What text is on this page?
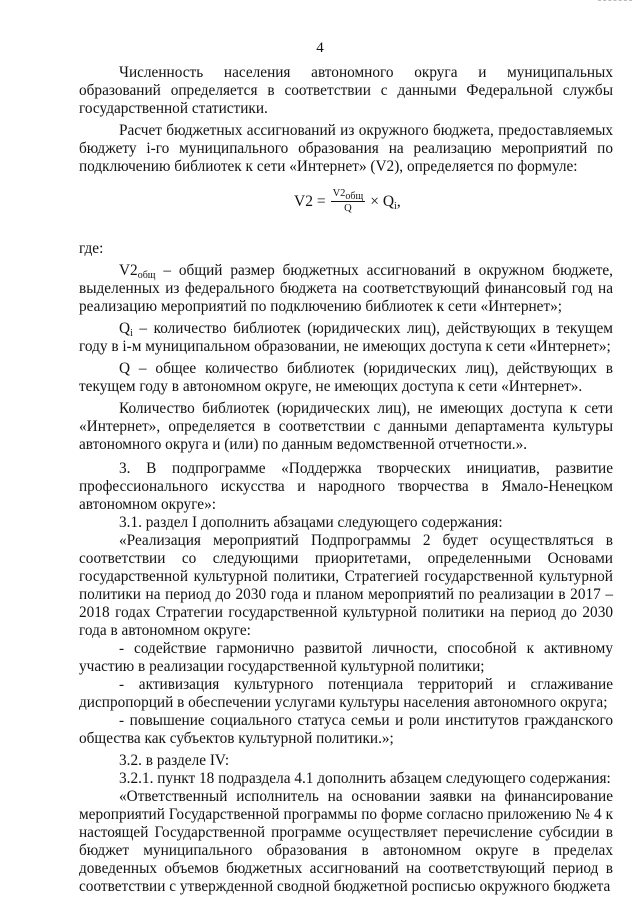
4

Численность населения автономного округа и муниципальных образований определяется в соответствии с данными Федеральной службы государственной статистики.

Расчет бюджетных ассигнований из окружного бюджета, предоставляемых бюджету i-го муниципального образования на реализацию мероприятий по подключению библиотек к сети «Интернет» (V2), определяется по формуле:

$V2 = \frac{V2_{общ}}{Q}$ ×
$Q_i$ ,

где:

$V2_{общ}$ – общий размер бюджетных ассигнований в окружном бюджете, выделенных из федерального бюджета на соответствующий финансовый год на реализацию мероприятий по подключению библиотек к сети «Интернет»;

$Q_i$ – количество библиотек (юридических лиц), действующих в текущем году в i-м муниципальном образовании, не имеющих доступа к сети «Интернет»;

Q – общее количество библиотек (юридических лиц), действующих в текущем году в автономном округе, не имеющих доступа к сети «Интернет».

Количество библиотек (юридических лиц), не имеющих доступа к сети «Интернет», определяется в соответствии с данными департамента культуры автономного округа и (или) по данным ведомственной отчетности.».

3. В подпрограмме «Поддержка творческих инициатив, развитие профессионального искусства и народного творчества в Ямало-Ненецком автономном округе»:

3.1. раздел I дополнить абзацами следующего содержания:

«Реализация мероприятий Подпрограммы 2 будет осуществляться в соответствии со следующими приоритетами, определенными Основами государственной культурной политики, Стратегией государственной культурной политики на период до 2030 года и планом мероприятий по реализации в 2017 – 2018 годах Стратегии государственной культурной политики на период до 2030 года в автономном округе:

- содействие гармонично развитой личности, способной к активному участию в реализации государственной культурной политики;

- активизация культурного потенциала территорий и сглаживание диспропорций в обеспечении услугами культуры населения автономного округа;

- повышение социального статуса семьи и роли институтов гражданского общества как субъектов культурной политики.»;

3.2. в разделе IV:

3.2.1. пункт 18 подраздела 4.1 дополнить абзацем следующего содержания:

«Ответственный исполнитель на основании заявки на финансирование мероприятий Государственной программы по форме согласно приложению № 4 к настоящей Государственной программе осуществляет перечисление субсидии в бюджет муниципального образования в автономном округе в пределах доведенных объемов бюджетных ассигнований на соответствующий период в соответствии с утвержденной сводной бюджетной росписью окружного бюджета
